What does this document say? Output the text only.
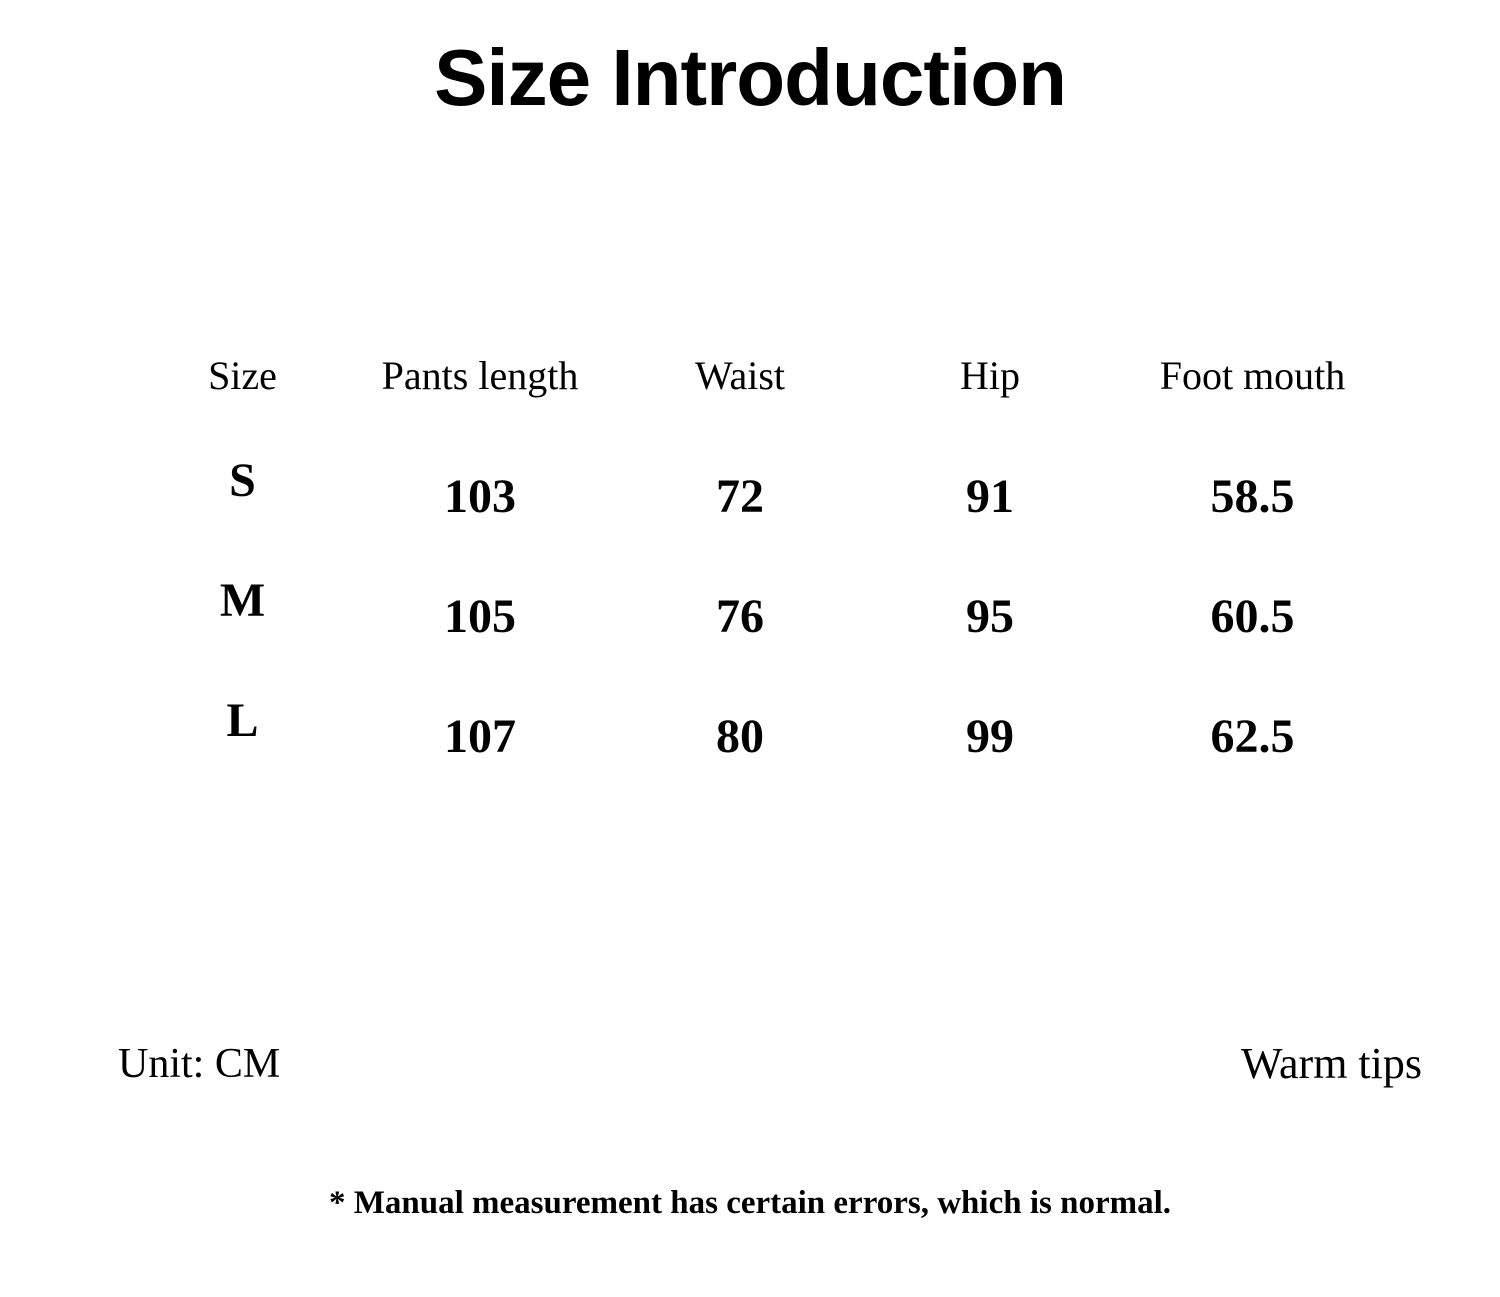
Size Introduction
Size	Pants length	Waist	Hip	Foot mouth
S	103	72	91	58.5
M	105	76	95	60.5
L	107	80	99	62.5
Unit: CM	Warm tips
* Manual measurement has certain errors, which is normal.
